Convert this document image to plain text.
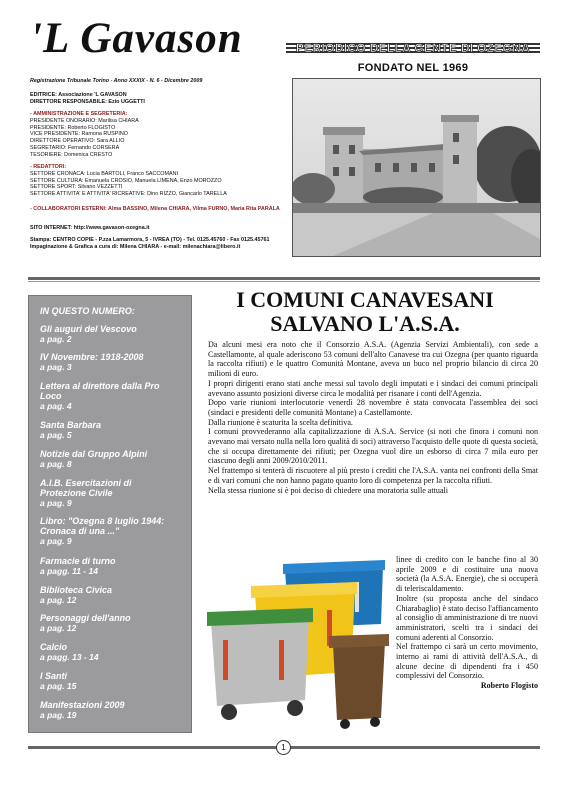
'L Gavason	PERIODICO DELLA GENTE DI OZEGNA
FONDATO NEL 1969
Registrazione Tribunale Torino - Anno XXXIX - N. 6 - Dicembre 2009
EDITRICE: Associazione 'L GAVASON
DIRETTORE RESPONSABILE: Ezio UGGETTI
- AMMINISTRAZIONE E SEGRETERIA:
PRESIDENTE ONORARIO: Marilisa CHIARA
PRESIDENTE: Roberto FLOGISTO
VICE PRESIDENTE: Ramona RUSPINO
DIRETTORE OPERATIVO: Sara ALLIO
SEGRETARIO: Fernando CORSERA
TESORIERE: Domenica CRESTO
- REDATTORI:
SETTORE CRONACA: Lucia BARTOLI, Franco SACCOMANI
SETTORE CULTURA: Emanuela CROSIO, Manuela LIMENA, Enzo MOROZZO
SETTORE SPORT: Silvano VEZZETTI
SETTORE ATTIVITA' E ATTIVITA' RICREATIVE: Dino RIZZO, Giancarlo TARELLA
- COLLABORATORI ESTERNI: Alma BASSINO, Milena CHIARA, Vilma FURNO, Maria Rita PARALA
SITO INTERNET: http://www.gavason-ozegna.it
Stampa: CENTRO COPIE - P.zza Lamarmora, 5 - IVREA (TO) - Tel. 0125.45760 - Fax 0125.45761
Impaginazione & Grafica a cura di: Milena CHIARA - e-mail: milenachiara@libero.it
IN QUESTO NUMERO:
Gli auguri del Vescovo
a pag. 2
IV Novembre: 1918-2008
a pag. 3
Lettera al direttore dalla Pro Loco
a pag. 4
Santa Barbara
a pag. 5
Notizie dal Gruppo Alpini
a pag. 8
A.I.B. Esercitazioni di Protezione Civile
a pag. 9
Libro: "Ozegna 8 luglio 1944: Cronaca di una ..."
a pag. 9
Farmacie di turno
a pagg. 11 - 14
Biblioteca Civica
a pag. 12
Personaggi dell'anno
a pag. 12
Calcio
a pagg. 13 - 14
I Santi
a pag. 15
Manifestazioni 2009
a pag. 19
I COMUNI CANAVESANI
SALVANO L'A.S.A.
Da alcuni mesi era noto che il Consorzio A.S.A. (Agenzia Servizi Ambientali), con sede a Castellamonte, al quale aderiscono 53 comuni dell'alto Canavese tra cui Ozegna (per quanto riguarda la raccolta rifiuti) e le quattro Comunità Montane, aveva un buco nel proprio bilancio di circa 20 milioni di euro.
I propri dirigenti erano stati anche messi sul tavolo degli imputati e i sindaci dei comuni principali avevano assunto posizioni diverse circa le modalità per risanare i conti dell'Agenzia.
Dopo varie riunioni interlocutorie venerdì 28 novembre è stata convocata l'assemblea dei soci (sindaci e presidenti delle comunità Montane) a Castellamonte.
Dalla riunione è scaturita la scelta definitiva.
I comuni provvederanno alla capitalizzazione di A.S.A. Service (si noti che finora i comuni non avevano mai versato nulla nella loro qualità di soci) attraverso l'acquisto delle quote di questa società, che si occupa direttamente dei rifiuti; per Ozegna vuol dire un esborso di circa 7 mila euro per ciascuno degli anni 2009/2010/2011.
Nel frattempo si tenterà di riscuotere al più presto i crediti che l'A.S.A. vanta nei confronti della Smat e di vari comuni che non hanno pagato quanto loro di competenza per la raccolta rifiuti.
Nella stessa riunione si è poi deciso di chiedere una moratoria sulle attuali
linee di credito con le banche fino al 30 aprile 2009 e di costituire una nuova società (la A.S.A. Energie), che si occuperà di teleriscaldamento.
Inoltre (su proposta anche del sindaco Chiarabaglio) è stato deciso l'affiancamento al consiglio di amministrazione di tre nuovi amministratori, scelti tra i sindaci dei comuni aderenti al Consorzio.
Nel frattempo ci sarà un certo movimento, interno ai rami di attività dell'A.S.A., di alcune decine di dipendenti fra i 450 complessivi del Consorzio.
Roberto Flogisto
1
